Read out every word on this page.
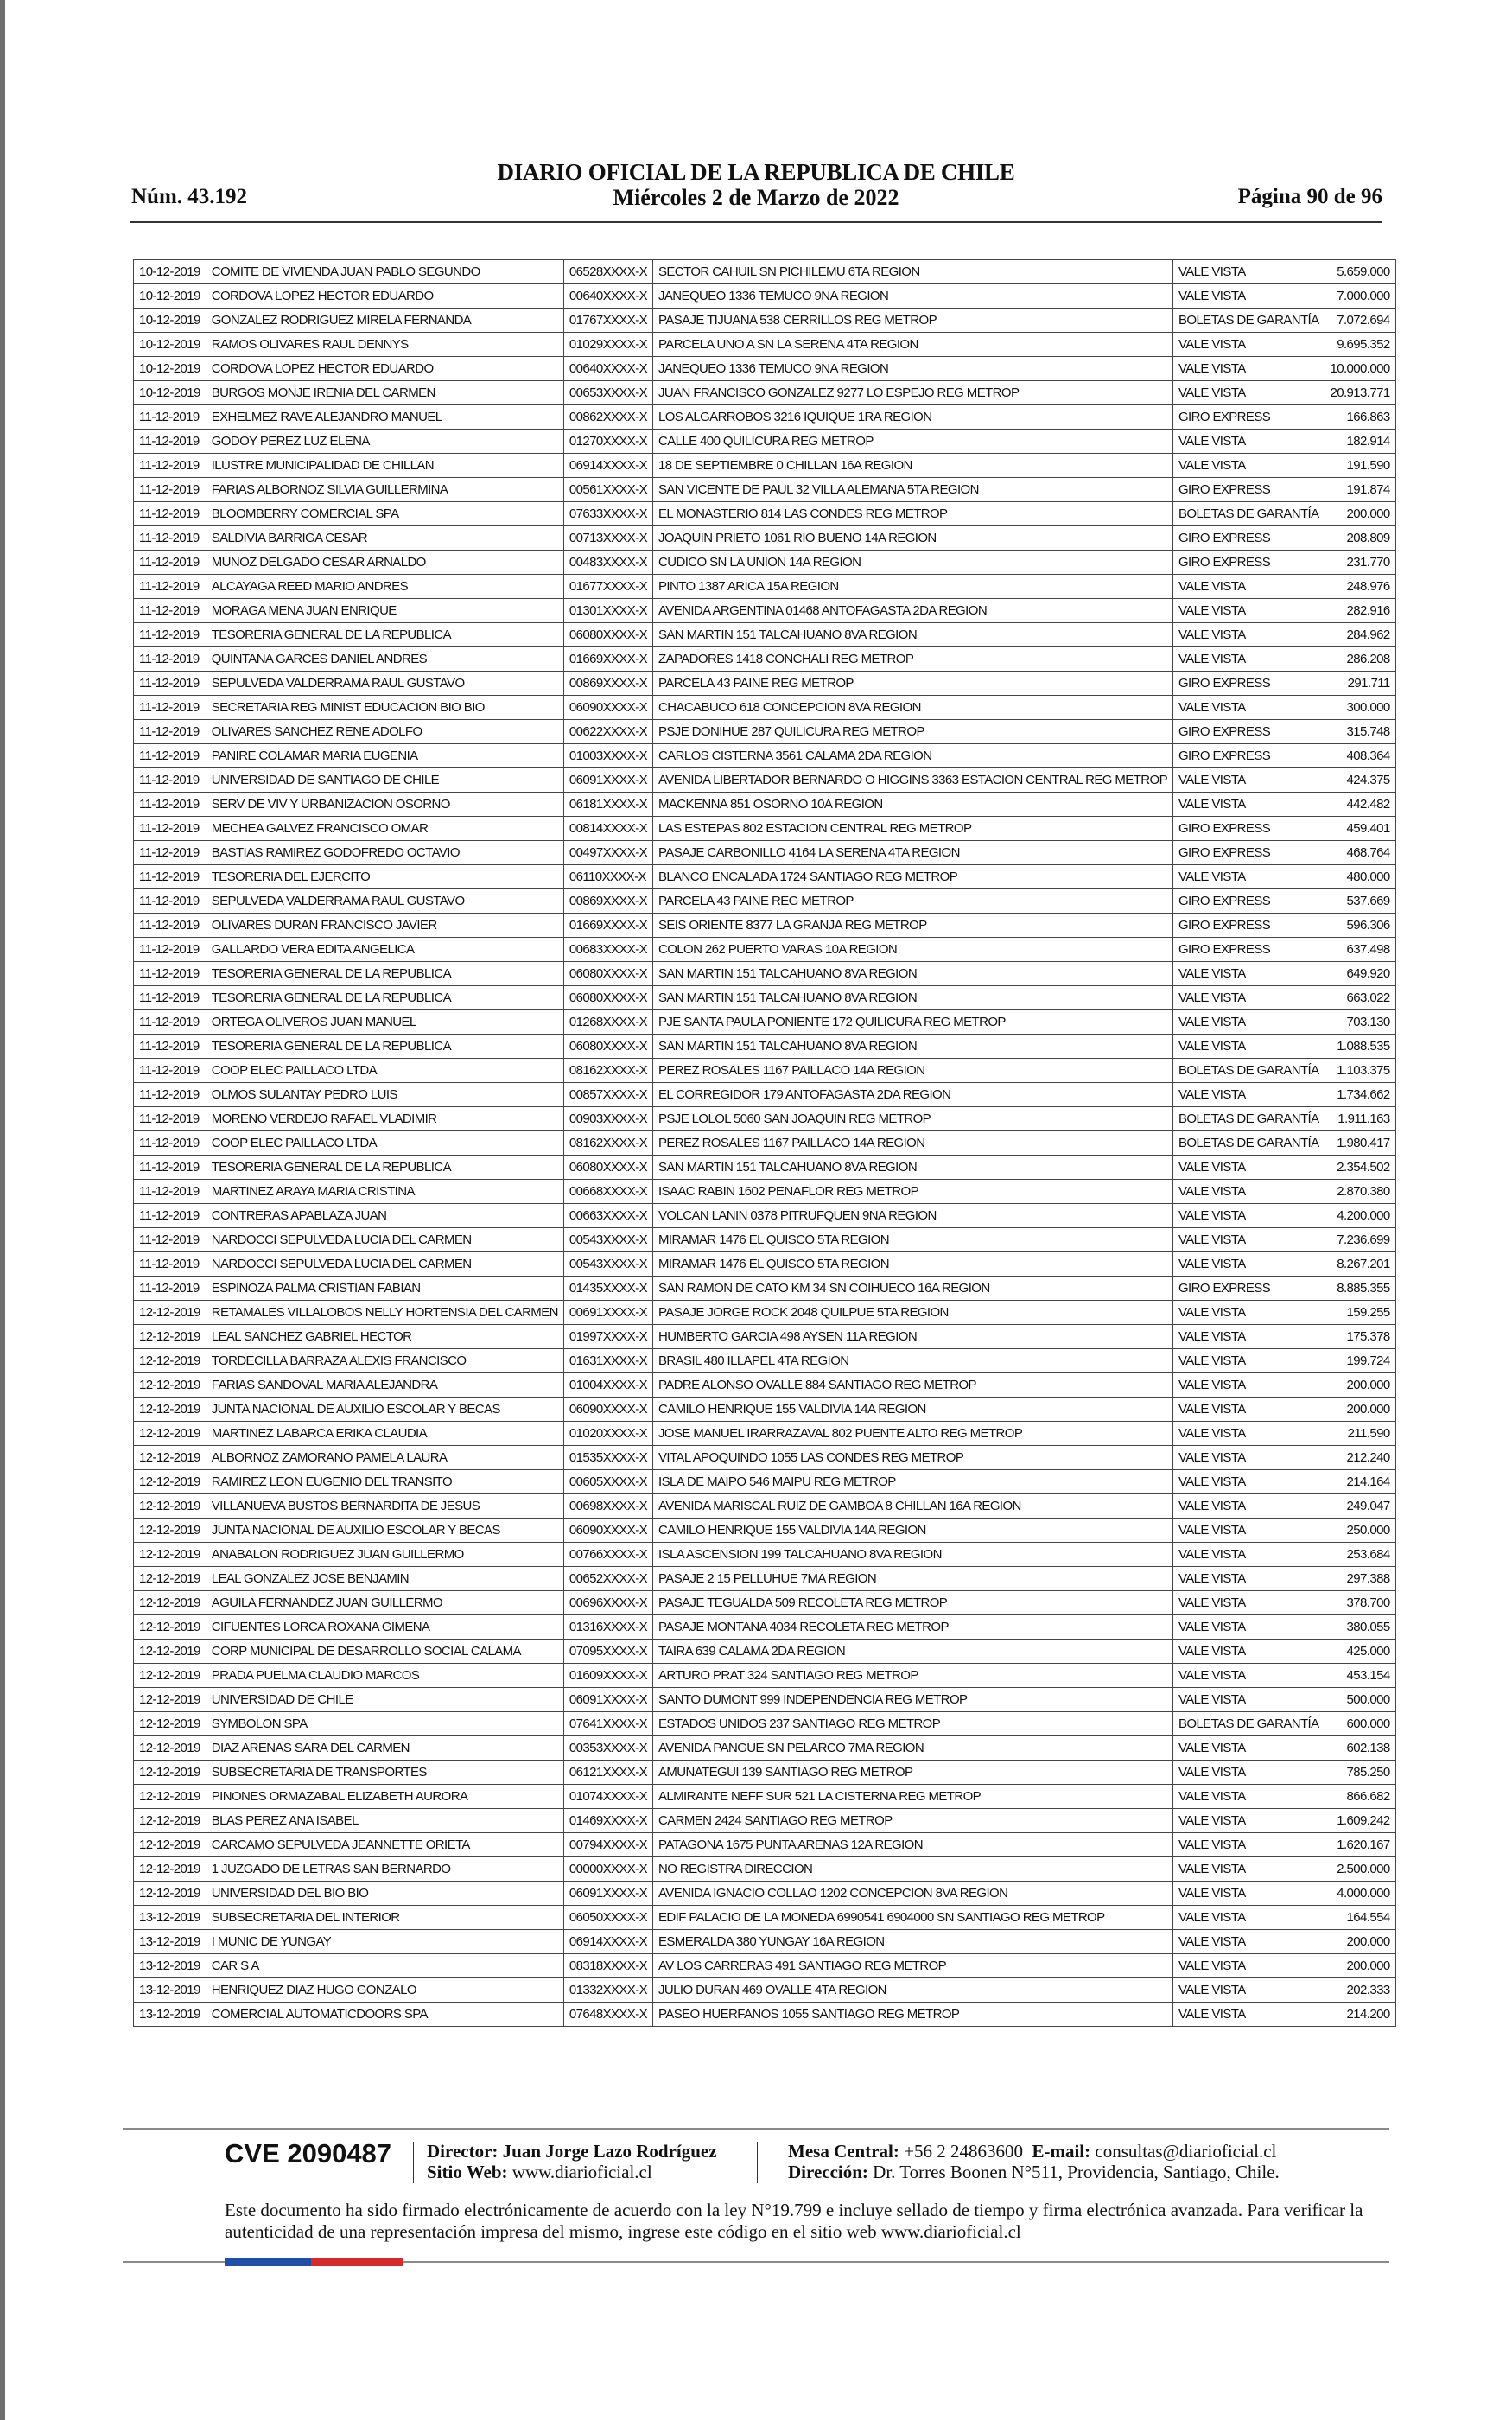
DIARIO OFICIAL DE LA REPUBLICA DE CHILE
Núm. 43.192	Miércoles 2 de Marzo de 2022	Página 90 de 96
10-12-2019	COMITE DE VIVIENDA JUAN PABLO SEGUNDO	06528XXXX-X	SECTOR CAHUIL SN PICHILEMU 6TA REGION	VALE VISTA	5.659.000
10-12-2019	CORDOVA LOPEZ HECTOR EDUARDO	00640XXXX-X	JANEQUEO 1336 TEMUCO 9NA REGION	VALE VISTA	7.000.000
10-12-2019	GONZALEZ RODRIGUEZ MIRELA FERNANDA	01767XXXX-X	PASAJE TIJUANA 538 CERRILLOS REG METROP	BOLETAS DE GARANTÍA	7.072.694
10-12-2019	RAMOS OLIVARES RAUL DENNYS	01029XXXX-X	PARCELA UNO A SN LA SERENA 4TA REGION	VALE VISTA	9.695.352
10-12-2019	CORDOVA LOPEZ HECTOR EDUARDO	00640XXXX-X	JANEQUEO 1336 TEMUCO 9NA REGION	VALE VISTA	10.000.000
10-12-2019	BURGOS MONJE IRENIA DEL CARMEN	00653XXXX-X	JUAN FRANCISCO GONZALEZ 9277 LO ESPEJO REG METROP	VALE VISTA	20.913.771
11-12-2019	EXHELMEZ RAVE ALEJANDRO MANUEL	00862XXXX-X	LOS ALGARROBOS 3216 IQUIQUE 1RA REGION	GIRO EXPRESS	166.863
11-12-2019	GODOY PEREZ LUZ ELENA	01270XXXX-X	CALLE 400 QUILICURA REG METROP	VALE VISTA	182.914
11-12-2019	ILUSTRE MUNICIPALIDAD DE CHILLAN	06914XXXX-X	18 DE SEPTIEMBRE 0 CHILLAN 16A REGION	VALE VISTA	191.590
11-12-2019	FARIAS ALBORNOZ SILVIA GUILLERMINA	00561XXXX-X	SAN VICENTE DE PAUL 32 VILLA ALEMANA 5TA REGION	GIRO EXPRESS	191.874
11-12-2019	BLOOMBERRY COMERCIAL SPA	07633XXXX-X	EL MONASTERIO 814 LAS CONDES REG METROP	BOLETAS DE GARANTÍA	200.000
11-12-2019	SALDIVIA BARRIGA CESAR	00713XXXX-X	JOAQUIN PRIETO 1061 RIO BUENO 14A REGION	GIRO EXPRESS	208.809
11-12-2019	MUNOZ DELGADO CESAR ARNALDO	00483XXXX-X	CUDICO SN LA UNION 14A REGION	GIRO EXPRESS	231.770
11-12-2019	ALCAYAGA REED MARIO ANDRES	01677XXXX-X	PINTO 1387 ARICA 15A REGION	VALE VISTA	248.976
11-12-2019	MORAGA MENA JUAN ENRIQUE	01301XXXX-X	AVENIDA ARGENTINA 01468 ANTOFAGASTA 2DA REGION	VALE VISTA	282.916
11-12-2019	TESORERIA GENERAL DE LA REPUBLICA	06080XXXX-X	SAN MARTIN 151 TALCAHUANO 8VA REGION	VALE VISTA	284.962
11-12-2019	QUINTANA GARCES DANIEL ANDRES	01669XXXX-X	ZAPADORES 1418 CONCHALI REG METROP	VALE VISTA	286.208
11-12-2019	SEPULVEDA VALDERRAMA RAUL GUSTAVO	00869XXXX-X	PARCELA 43 PAINE REG METROP	GIRO EXPRESS	291.711
11-12-2019	SECRETARIA REG MINIST EDUCACION BIO BIO	06090XXXX-X	CHACABUCO 618 CONCEPCION 8VA REGION	VALE VISTA	300.000
11-12-2019	OLIVARES SANCHEZ RENE ADOLFO	00622XXXX-X	PSJE DONIHUE 287 QUILICURA REG METROP	GIRO EXPRESS	315.748
11-12-2019	PANIRE COLAMAR MARIA EUGENIA	01003XXXX-X	CARLOS CISTERNA 3561 CALAMA 2DA REGION	GIRO EXPRESS	408.364
11-12-2019	UNIVERSIDAD DE SANTIAGO DE CHILE	06091XXXX-X	AVENIDA LIBERTADOR BERNARDO O HIGGINS 3363 ESTACION CENTRAL REG METROP	VALE VISTA	424.375
11-12-2019	SERV DE VIV Y URBANIZACION OSORNO	06181XXXX-X	MACKENNA 851 OSORNO 10A REGION	VALE VISTA	442.482
11-12-2019	MECHEA GALVEZ FRANCISCO OMAR	00814XXXX-X	LAS ESTEPAS 802 ESTACION CENTRAL REG METROP	GIRO EXPRESS	459.401
11-12-2019	BASTIAS RAMIREZ GODOFREDO OCTAVIO	00497XXXX-X	PASAJE CARBONILLO 4164 LA SERENA 4TA REGION	GIRO EXPRESS	468.764
11-12-2019	TESORERIA DEL EJERCITO	06110XXXX-X	BLANCO ENCALADA 1724 SANTIAGO REG METROP	VALE VISTA	480.000
11-12-2019	SEPULVEDA VALDERRAMA RAUL GUSTAVO	00869XXXX-X	PARCELA 43 PAINE REG METROP	GIRO EXPRESS	537.669
11-12-2019	OLIVARES DURAN FRANCISCO JAVIER	01669XXXX-X	SEIS ORIENTE 8377 LA GRANJA REG METROP	GIRO EXPRESS	596.306
11-12-2019	GALLARDO VERA EDITA ANGELICA	00683XXXX-X	COLON 262 PUERTO VARAS 10A REGION	GIRO EXPRESS	637.498
11-12-2019	TESORERIA GENERAL DE LA REPUBLICA	06080XXXX-X	SAN MARTIN 151 TALCAHUANO 8VA REGION	VALE VISTA	649.920
11-12-2019	TESORERIA GENERAL DE LA REPUBLICA	06080XXXX-X	SAN MARTIN 151 TALCAHUANO 8VA REGION	VALE VISTA	663.022
11-12-2019	ORTEGA OLIVEROS JUAN MANUEL	01268XXXX-X	PJE SANTA PAULA PONIENTE 172 QUILICURA REG METROP	VALE VISTA	703.130
11-12-2019	TESORERIA GENERAL DE LA REPUBLICA	06080XXXX-X	SAN MARTIN 151 TALCAHUANO 8VA REGION	VALE VISTA	1.088.535
11-12-2019	COOP ELEC PAILLACO LTDA	08162XXXX-X	PEREZ ROSALES 1167 PAILLACO 14A REGION	BOLETAS DE GARANTÍA	1.103.375
11-12-2019	OLMOS SULANTAY PEDRO LUIS	00857XXXX-X	EL CORREGIDOR 179 ANTOFAGASTA 2DA REGION	VALE VISTA	1.734.662
11-12-2019	MORENO VERDEJO RAFAEL VLADIMIR	00903XXXX-X	PSJE LOLOL 5060 SAN JOAQUIN REG METROP	BOLETAS DE GARANTÍA	1.911.163
11-12-2019	COOP ELEC PAILLACO LTDA	08162XXXX-X	PEREZ ROSALES 1167 PAILLACO 14A REGION	BOLETAS DE GARANTÍA	1.980.417
11-12-2019	TESORERIA GENERAL DE LA REPUBLICA	06080XXXX-X	SAN MARTIN 151 TALCAHUANO 8VA REGION	VALE VISTA	2.354.502
11-12-2019	MARTINEZ ARAYA MARIA CRISTINA	00668XXXX-X	ISAAC RABIN 1602 PENAFLOR REG METROP	VALE VISTA	2.870.380
11-12-2019	CONTRERAS APABLAZA JUAN	00663XXXX-X	VOLCAN LANIN 0378 PITRUFQUEN 9NA REGION	VALE VISTA	4.200.000
11-12-2019	NARDOCCI SEPULVEDA LUCIA DEL CARMEN	00543XXXX-X	MIRAMAR 1476 EL QUISCO 5TA REGION	VALE VISTA	7.236.699
11-12-2019	NARDOCCI SEPULVEDA LUCIA DEL CARMEN	00543XXXX-X	MIRAMAR 1476 EL QUISCO 5TA REGION	VALE VISTA	8.267.201
11-12-2019	ESPINOZA PALMA CRISTIAN FABIAN	01435XXXX-X	SAN RAMON DE CATO KM 34 SN COIHUECO 16A REGION	GIRO EXPRESS	8.885.355
12-12-2019	RETAMALES VILLALOBOS NELLY HORTENSIA DEL CARMEN	00691XXXX-X	PASAJE JORGE ROCK 2048 QUILPUE 5TA REGION	VALE VISTA	159.255
12-12-2019	LEAL SANCHEZ GABRIEL HECTOR	01997XXXX-X	HUMBERTO GARCIA 498 AYSEN 11A REGION	VALE VISTA	175.378
12-12-2019	TORDECILLA BARRAZA ALEXIS FRANCISCO	01631XXXX-X	BRASIL 480 ILLAPEL 4TA REGION	VALE VISTA	199.724
12-12-2019	FARIAS SANDOVAL MARIA ALEJANDRA	01004XXXX-X	PADRE ALONSO OVALLE 884 SANTIAGO REG METROP	VALE VISTA	200.000
12-12-2019	JUNTA NACIONAL DE AUXILIO ESCOLAR Y BECAS	06090XXXX-X	CAMILO HENRIQUE 155 VALDIVIA 14A REGION	VALE VISTA	200.000
12-12-2019	MARTINEZ LABARCA ERIKA CLAUDIA	01020XXXX-X	JOSE MANUEL IRARRAZAVAL 802 PUENTE ALTO REG METROP	VALE VISTA	211.590
12-12-2019	ALBORNOZ ZAMORANO PAMELA LAURA	01535XXXX-X	VITAL APOQUINDO 1055 LAS CONDES REG METROP	VALE VISTA	212.240
12-12-2019	RAMIREZ LEON EUGENIO DEL TRANSITO	00605XXXX-X	ISLA DE MAIPO 546 MAIPU REG METROP	VALE VISTA	214.164
12-12-2019	VILLANUEVA BUSTOS BERNARDITA DE JESUS	00698XXXX-X	AVENIDA MARISCAL RUIZ DE GAMBOA 8 CHILLAN 16A REGION	VALE VISTA	249.047
12-12-2019	JUNTA NACIONAL DE AUXILIO ESCOLAR Y BECAS	06090XXXX-X	CAMILO HENRIQUE 155 VALDIVIA 14A REGION	VALE VISTA	250.000
12-12-2019	ANABALON RODRIGUEZ JUAN GUILLERMO	00766XXXX-X	ISLA ASCENSION 199 TALCAHUANO 8VA REGION	VALE VISTA	253.684
12-12-2019	LEAL GONZALEZ JOSE BENJAMIN	00652XXXX-X	PASAJE 2 15 PELLUHUE 7MA REGION	VALE VISTA	297.388
12-12-2019	AGUILA FERNANDEZ JUAN GUILLERMO	00696XXXX-X	PASAJE TEGUALDA 509 RECOLETA REG METROP	VALE VISTA	378.700
12-12-2019	CIFUENTES LORCA ROXANA GIMENA	01316XXXX-X	PASAJE MONTANA 4034 RECOLETA REG METROP	VALE VISTA	380.055
12-12-2019	CORP MUNICIPAL DE DESARROLLO SOCIAL CALAMA	07095XXXX-X	TAIRA 639 CALAMA 2DA REGION	VALE VISTA	425.000
12-12-2019	PRADA PUELMA CLAUDIO MARCOS	01609XXXX-X	ARTURO PRAT 324 SANTIAGO REG METROP	VALE VISTA	453.154
12-12-2019	UNIVERSIDAD DE CHILE	06091XXXX-X	SANTO DUMONT 999 INDEPENDENCIA REG METROP	VALE VISTA	500.000
12-12-2019	SYMBOLON SPA	07641XXXX-X	ESTADOS UNIDOS 237 SANTIAGO REG METROP	BOLETAS DE GARANTÍA	600.000
12-12-2019	DIAZ ARENAS SARA DEL CARMEN	00353XXXX-X	AVENIDA PANGUE SN PELARCO 7MA REGION	VALE VISTA	602.138
12-12-2019	SUBSECRETARIA DE TRANSPORTES	06121XXXX-X	AMUNATEGUI 139 SANTIAGO REG METROP	VALE VISTA	785.250
12-12-2019	PINONES ORMAZABAL ELIZABETH AURORA	01074XXXX-X	ALMIRANTE NEFF SUR 521 LA CISTERNA REG METROP	VALE VISTA	866.682
12-12-2019	BLAS PEREZ ANA ISABEL	01469XXXX-X	CARMEN 2424 SANTIAGO REG METROP	VALE VISTA	1.609.242
12-12-2019	CARCAMO SEPULVEDA JEANNETTE ORIETA	00794XXXX-X	PATAGONA 1675 PUNTA ARENAS 12A REGION	VALE VISTA	1.620.167
12-12-2019	1 JUZGADO DE LETRAS SAN BERNARDO	00000XXXX-X	NO REGISTRA DIRECCION	VALE VISTA	2.500.000
12-12-2019	UNIVERSIDAD DEL BIO BIO	06091XXXX-X	AVENIDA IGNACIO COLLAO 1202 CONCEPCION 8VA REGION	VALE VISTA	4.000.000
13-12-2019	SUBSECRETARIA DEL INTERIOR	06050XXXX-X	EDIF PALACIO DE LA MONEDA 6990541 6904000 SN SANTIAGO REG METROP	VALE VISTA	164.554
13-12-2019	I MUNIC DE YUNGAY	06914XXXX-X	ESMERALDA 380 YUNGAY 16A REGION	VALE VISTA	200.000
13-12-2019	CAR S A	08318XXXX-X	AV LOS CARRERAS 491 SANTIAGO REG METROP	VALE VISTA	200.000
13-12-2019	HENRIQUEZ DIAZ HUGO GONZALO	01332XXXX-X	JULIO DURAN 469 OVALLE 4TA REGION	VALE VISTA	202.333
13-12-2019	COMERCIAL AUTOMATICDOORS SPA	07648XXXX-X	PASEO HUERFANOS 1055 SANTIAGO REG METROP	VALE VISTA	214.200
CVE 2090487 Director: Juan Jorge Lazo Rodríguez
Sitio Web: www.diarioficial.cl
Mesa Central: +56 2 24863600 E-mail: consultas@diarioficial.cl
Dirección: Dr. Torres Boonen N°511, Providencia, Santiago, Chile.
Este documento ha sido firmado electrónicamente de acuerdo con la ley N°19.799 e incluye sellado de tiempo y firma electrónica avanzada. Para verificar la autenticidad de una representación impresa del mismo, ingrese este código en el sitio web www.diarioficial.cl
